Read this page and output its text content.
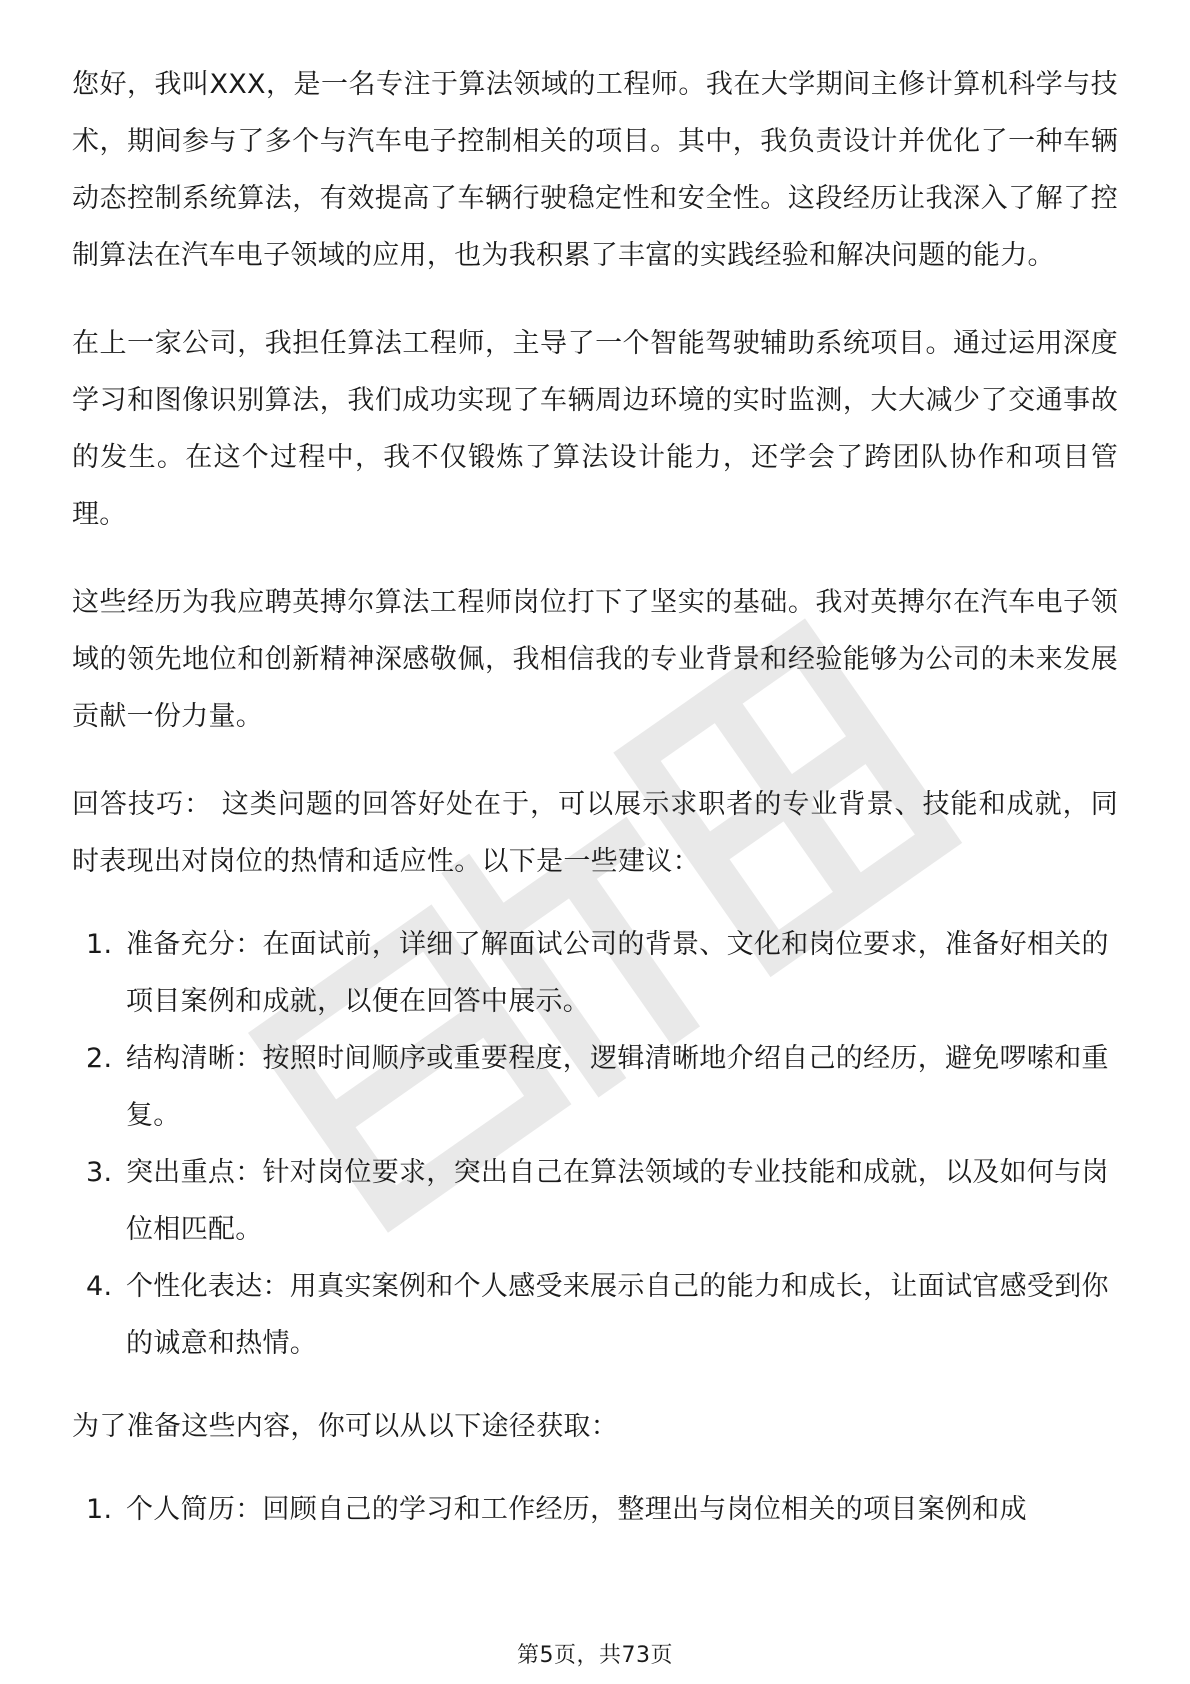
您好，我叫XXX，是一名专注于算法领域的工程师。我在大学期间主修计算机科学与技术，期间参与了多个与汽车电子控制相关的项目。其中，我负责设计并优化了一种车辆动态控制系统算法，有效提高了车辆行驶稳定性和安全性。这段经历让我深入了解了控制算法在汽车电子领域的应用，也为我积累了丰富的实践经验和解决问题的能力。

在上一家公司，我担任算法工程师，主导了一个智能驾驶辅助系统项目。通过运用深度学习和图像识别算法，我们成功实现了车辆周边环境的实时监测，大大减少了交通事故的发生。在这个过程中，我不仅锻炼了算法设计能力，还学会了跨团队协作和项目管理。

这些经历为我应聘英搏尔算法工程师岗位打下了坚实的基础。我对英搏尔在汽车电子领域的领先地位和创新精神深感敬佩，我相信我的专业背景和经验能够为公司的未来发展贡献一份力量。

回答技巧： 这类问题的回答好处在于，可以展示求职者的专业背景、技能和成就，同时表现出对岗位的热情和适应性。以下是一些建议：

1. 准备充分：在面试前，详细了解面试公司的背景、文化和岗位要求，准备好相关的项目案例和成就，以便在回答中展示。
2. 结构清晰：按照时间顺序或重要程度，逻辑清晰地介绍自己的经历，避免啰嗦和重复。
3. 突出重点：针对岗位要求，突出自己在算法领域的专业技能和成就，以及如何与岗位相匹配。
4. 个性化表达：用真实案例和个人感受来展示自己的能力和成长，让面试官感受到你的诚意和热情。

为了准备这些内容，你可以从以下途径获取：

1. 个人简历：回顾自己的学习和工作经历，整理出与岗位相关的项目案例和成
第5页，共73页
